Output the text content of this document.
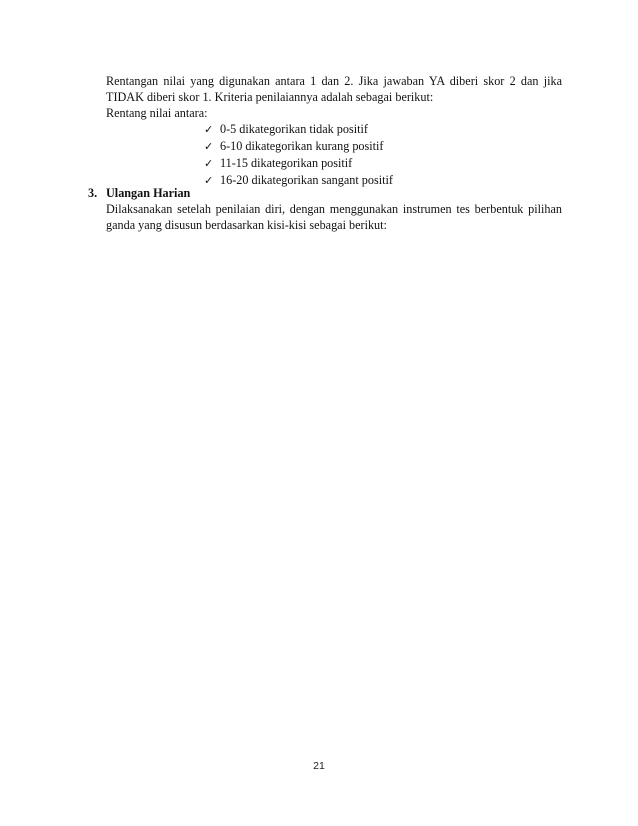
Rentangan nilai yang digunakan antara 1 dan 2. Jika jawaban YA diberi skor 2 dan jika
TIDAK diberi skor 1. Kriteria penilaiannya adalah sebagai berikut:
Rentang nilai antara:
✓ 0-5 dikategorikan tidak positif
✓ 6-10 dikategorikan kurang positif
✓ 11-15 dikategorikan positif
✓ 16-20 dikategorikan sangant positif
3. Ulangan Harian
Dilaksanakan setelah penilaian diri, dengan menggunakan instrumen tes berbentuk pilihan
ganda yang disusun berdasarkan kisi-kisi sebagai berikut:
21
